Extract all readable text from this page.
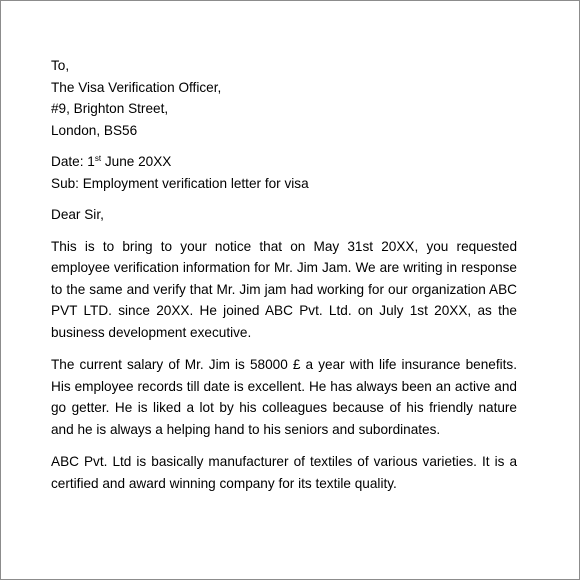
To,
The Visa Verification Officer,
#9, Brighton Street,
London, BS56
Date: 1st June 20XX
Sub: Employment verification letter for visa
Dear Sir,

This is to bring to your notice that on May 31st 20XX, you requested employee verification information for Mr. Jim Jam. We are writing in response to the same and verify that Mr. Jim jam had working for our organization ABC PVT LTD. since 20XX. He joined ABC Pvt. Ltd. on July 1st 20XX, as the business development executive.

The current salary of Mr. Jim is 58000 £ a year with life insurance benefits. His employee records till date is excellent. He has always been an active and go getter. He is liked a lot by his colleagues because of his friendly nature and he is always a helping hand to his seniors and subordinates.

ABC Pvt. Ltd is basically manufacturer of textiles of various varieties. It is a certified and award winning company for its textile quality.
